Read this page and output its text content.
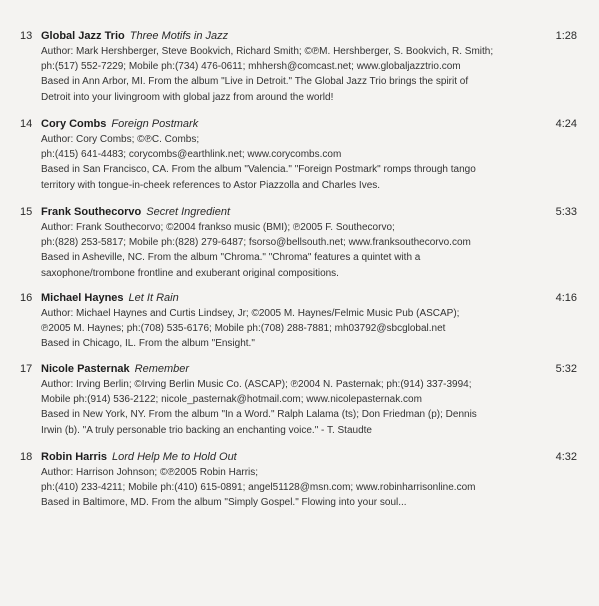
13 Global Jazz Trio Three Motifs in Jazz
Author: Mark Hershberger, Steve Bookvich, Richard Smith; ©℗M. Hershberger, S. Bookvich, R. Smith;
ph:(517) 552-7229; Mobile ph:(734) 476-0611; mhhersh@comcast.net; www.globaljazztrio.com
Based in Ann Arbor, MI. From the album "Live in Detroit." The Global Jazz Trio brings the spirit of
Detroit into your livingroom with global jazz from around the world!
1:28
14 Cory Combs Foreign Postmark
Author: Cory Combs; ©℗C. Combs;
ph:(415) 641-4483; corycombs@earthlink.net; www.corycombs.com
Based in San Francisco, CA. From the album "Valencia." "Foreign Postmark" romps through tango
territory with tongue-in-cheek references to Astor Piazzolla and Charles Ives.
4:24
15 Frank Southecorvo Secret Ingredient
Author: Frank Southecorvo; ©2004 frankso music (BMI); ℗2005 F. Southecorvo;
ph:(828) 253-5817; Mobile ph:(828) 279-6487; fsorso@bellsouth.net; www.franksouthecorvo.com
Based in Asheville, NC. From the album "Chroma." "Chroma" features a quintet with a
saxophone/trombone frontline and exuberant original compositions.
5:33
16 Michael Haynes Let It Rain
Author: Michael Haynes and Curtis Lindsey, Jr; ©2005 M. Haynes/Felmic Music Pub (ASCAP);
℗2005 M. Haynes; ph:(708) 535-6176; Mobile ph:(708) 288-7881; mh03792@sbcglobal.net
Based in Chicago, IL. From the album "Ensight."
4:16
17 Nicole Pasternak Remember
Author: Irving Berlin; ©Irving Berlin Music Co. (ASCAP); ℗2004 N. Pasternak; ph:(914) 337-3994;
Mobile ph:(914) 536-2122; nicole_pasternak@hotmail.com; www.nicolepasternak.com
Based in New York, NY. From the album "In a Word." Ralph Lalama (ts); Don Friedman (p); Dennis
Irwin (b). "A truly personable trio backing an enchanting voice." - T. Staudte
5:32
18 Robin Harris Lord Help Me to Hold Out
Author: Harrison Johnson; ©℗2005 Robin Harris;
ph:(410) 233-4211; Mobile ph:(410) 615-0891; angel51128@msn.com; www.robinharrisonline.com
Based in Baltimore, MD. From the album "Simply Gospel." Flowing into your soul...
4:32
